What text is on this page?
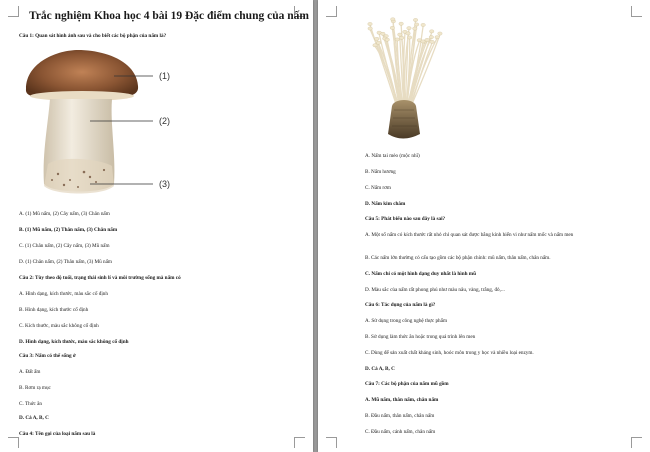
Trắc nghiệm Khoa học 4 bài 19 Đặc điểm chung của nấm
Câu 1: Quan sát hình ảnh sau và cho biết các bộ phận của nấm là?
(1)
(2)
(3)
A. (1) Mũ nấm, (2) Cây nấm, (3) Chân nấm
B. (1) Mũ nấm, (2) Thân nấm, (3) Chân nấm
C. (1) Chân nấm, (2) Cây nấm, (3) Mũ nấm
D. (1) Chân nấm, (2) Thân nấm, (3) Mũ nấm
Câu 2: Tùy theo độ tuổi, trạng thái sinh lí và môi trường sống mà nấm có
A. Hình dạng, kích thước, màu sắc cố định
B. Hình dạng, kích thước cố định
C. Kích thước, màu sắc không cố định
D. Hình dạng, kích thước, màu sắc không cố định
Câu 3: Nấm có thể sống ở
A. Đất ẩm
B. Rơm rạ mục
C. Thức ăn
D. Cả A, B, C
Câu 4: Tên gọi của loại nấm sau là
A. Nấm tai mèo (mộc nhĩ)
B. Nấm hương
C. Nấm rơm
D. Nấm kim châm
Câu 5: Phát biểu nào sau đây là sai?
A. Một số nấm có kích thước rất nhỏ chỉ quan sát được bằng kính hiển vi như nấm mốc và nấm men
B. Các nấm lớn thường có cấu tạo gồm các bộ phận chính: mũ nấm, thân nấm, chân nấm.
C. Nấm chỉ có một hình dạng duy nhất là hình mũ
D. Màu sắc của nấm rất phong phú như màu nâu, vàng, trắng, đỏ,...
Câu 6: Tác dụng của nấm là gì?
A. Sử dụng trong công nghệ thực phẩm
B. Sử dụng làm thức ăn hoặc trong quá trình lên men
C. Dùng để sản xuất chất kháng sinh, hoóc môn trong y học và nhiều loại enzym.
D. Cả A, B, C
Câu 7: Các bộ phận của nấm mũ gồm
A. Mũ nấm, thân nấm, chân nấm
B. Đầu nấm, thân nấm, chân nấm
C. Đầu nấm, cánh nấm, chân nấm
